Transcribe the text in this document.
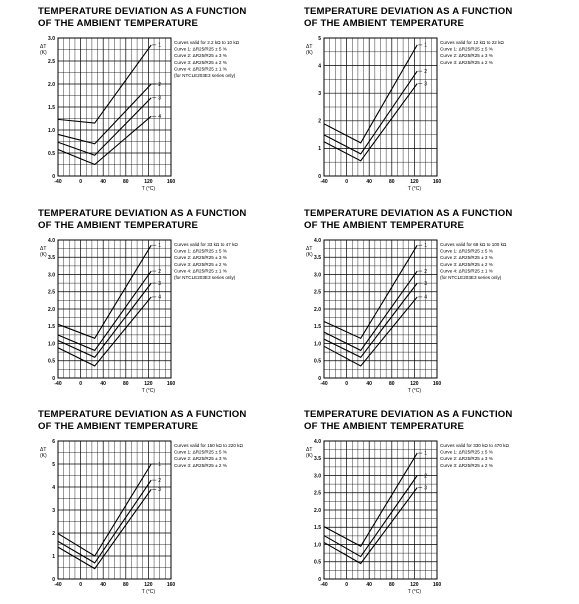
TEMPERATURE DEVIATION AS A FUNCTION
OF THE AMBIENT TEMPERATURE
-40	0	40	80	120	160
0
0.5
1.0
1.5
2.0
2.5
3.0
ΔT
(K)
T (°C)
1
2
3
4
Curves valid for 2.2 kΩ to 10 kΩ
Curve 1: ΔR25/R25 ± 5 %
Curve 2: ΔR25/R25 ± 3 %
Curve 3: ΔR25/R25 ± 2 %
Curve 4: ΔR25/R25 ± 1 %
(for NTCLE203E3 series only)
TEMPERATURE DEVIATION AS A FUNCTION
OF THE AMBIENT TEMPERATURE
-40	0	40	80	120	160
0
1
2
3
4
5
ΔT
(K)
T (°C)
1
2
3
Curves valid for 12 kΩ to 22 kΩ
Curve 1: ΔR25/R25 ± 5 %
Curve 2: ΔR25/R25 ± 3 %
Curve 3: ΔR25/R25 ± 2 %
TEMPERATURE DEVIATION AS A FUNCTION
OF THE AMBIENT TEMPERATURE
-40	0	40	80	120	160
0
0.5
1.0
1.5
2.0
2.5
3.0
3.5
4.0
ΔT
(K)
T (°C)
1
2
3
4
Curves valid for 33 kΩ to 47 kΩ
Curve 1: ΔR25/R25 ± 5 %
Curve 2: ΔR25/R25 ± 3 %
Curve 3: ΔR25/R25 ± 2 %
Curve 4: ΔR25/R25 ± 1 %
(for NTCLE203E3 series only)
TEMPERATURE DEVIATION AS A FUNCTION
OF THE AMBIENT TEMPERATURE
-40	0	40	80	120	160
0
0.5
1.0
1.5
2.0
2.5
3.0
3.5
4.0
ΔT
(K)
T (°C)
1
2
3
4
Curves valid for 68 kΩ to 100 kΩ
Curve 1: ΔR25/R25 ± 5 %
Curve 2: ΔR25/R25 ± 3 %
Curve 3: ΔR25/R25 ± 2 %
Curve 4: ΔR25/R25 ± 1 %
(for NTCLE203E3 series only)
TEMPERATURE DEVIATION AS A FUNCTION
OF THE AMBIENT TEMPERATURE
-40	0	40	80	120	160
0
1
2
3
4
5
6
ΔT
(K)
T (°C)
1
2
3
Curves valid for 150 kΩ to 220 kΩ
Curve 1: ΔR25/R25 ± 5 %
Curve 2: ΔR25/R25 ± 3 %
Curve 3: ΔR25/R25 ± 2 %
TEMPERATURE DEVIATION AS A FUNCTION
OF THE AMBIENT TEMPERATURE
-40	0	40	80	120	160
0
0.5
1.0
1.5
2.0
2.5
3.0
3.5
4.0
ΔT
(K)
T (°C)
1
2
3
Curves valid for 330 kΩ to 470 kΩ
Curve 1: ΔR25/R25 ± 5 %
Curve 2: ΔR25/R25 ± 3 %
Curve 3: ΔR25/R25 ± 2 %
